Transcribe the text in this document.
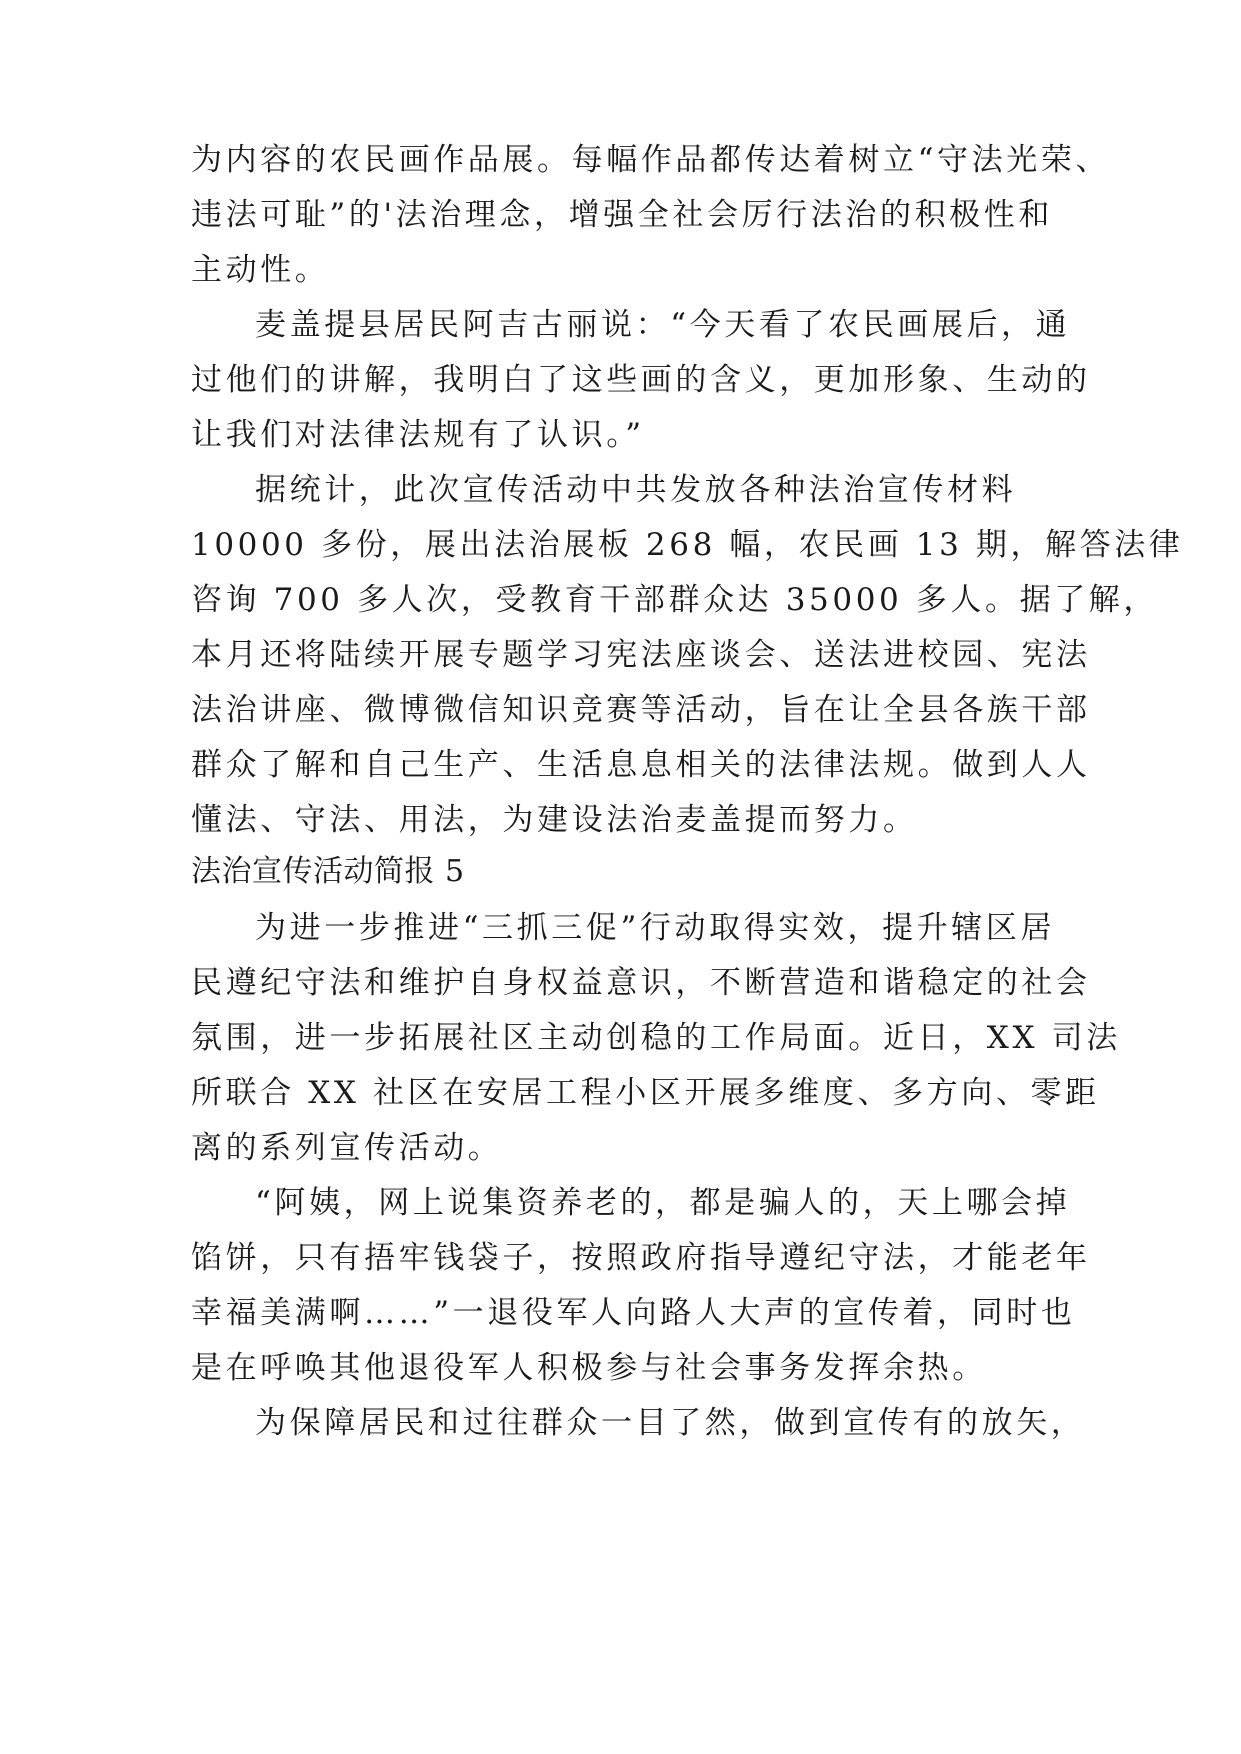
为内容的农民画作品展。每幅作品都传达着树立“守法光荣、
违法可耻”的'法治理念，增强全社会厉行法治的积极性和
主动性。
麦盖提县居民阿吉古丽说：“今天看了农民画展后，通
过他们的讲解，我明白了这些画的含义，更加形象、生动的
让我们对法律法规有了认识。”
据统计，此次宣传活动中共发放各种法治宣传材料
10000 多份，展出法治展板 268 幅，农民画 13 期，解答法律
咨询 700 多人次，受教育干部群众达 35000 多人。据了解，
本月还将陆续开展专题学习宪法座谈会、送法进校园、宪法
法治讲座、微博微信知识竞赛等活动，旨在让全县各族干部
群众了解和自己生产、生活息息相关的法律法规。做到人人
懂法、守法、用法，为建设法治麦盖提而努力。
法治宣传活动简报 5
为进一步推进“三抓三促”行动取得实效，提升辖区居
民遵纪守法和维护自身权益意识，不断营造和谐稳定的社会
氛围，进一步拓展社区主动创稳的工作局面。近日，XX 司法
所联合 XX 社区在安居工程小区开展多维度、多方向、零距
离的系列宣传活动。
“阿姨，网上说集资养老的，都是骗人的，天上哪会掉
馅饼，只有捂牢钱袋子，按照政府指导遵纪守法，才能老年
幸福美满啊……”一退役军人向路人大声的宣传着，同时也
是在呼唤其他退役军人积极参与社会事务发挥余热。
为保障居民和过往群众一目了然，做到宣传有的放矢，
